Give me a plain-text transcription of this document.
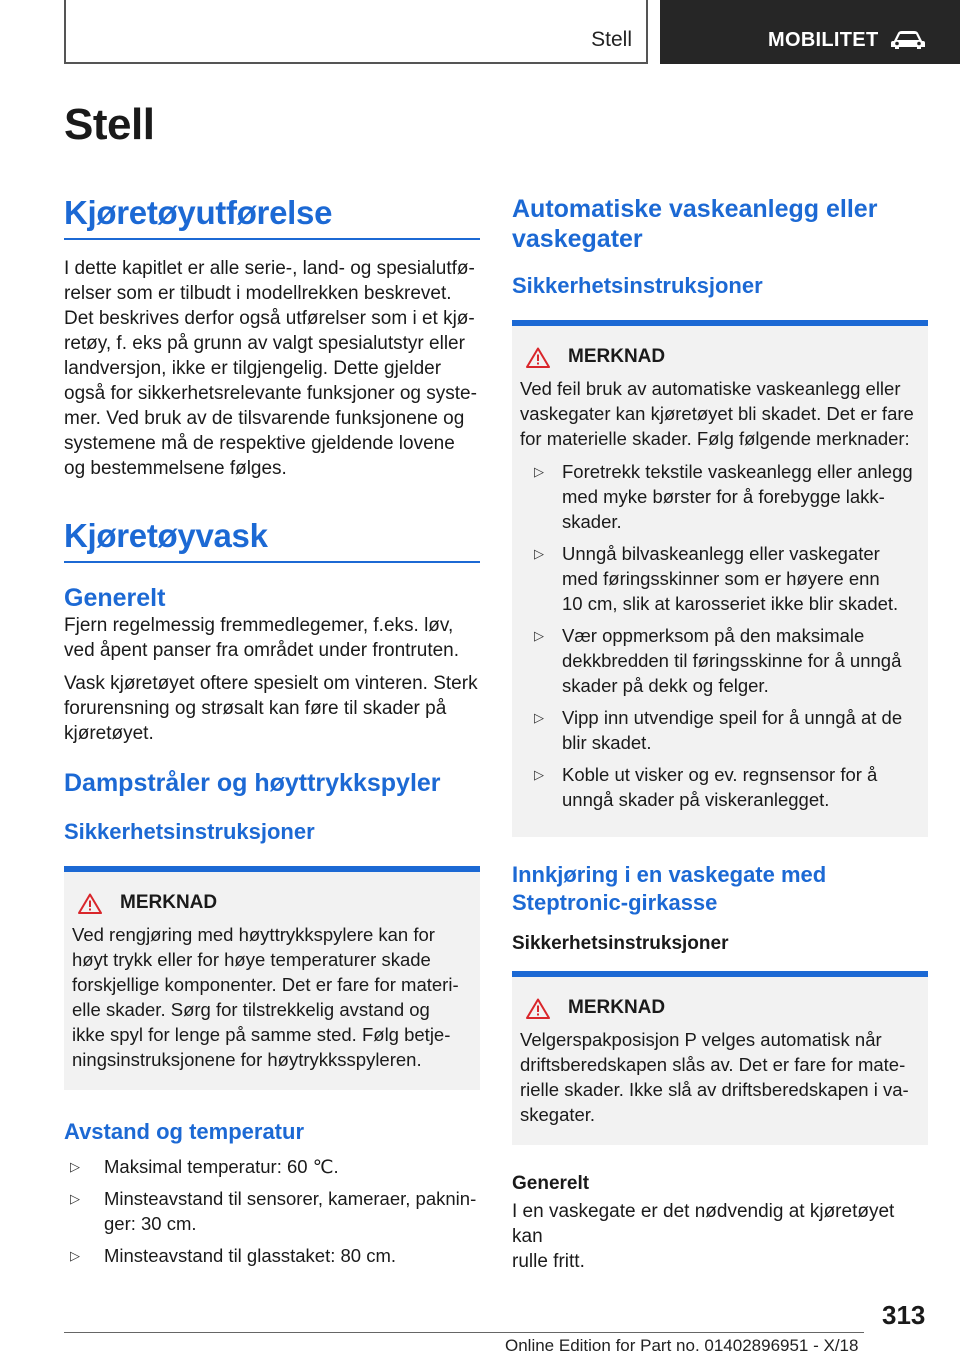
Stell	MOBILITET
Stell
Kjøretøyutførelse
I dette kapitlet er alle serie-, land- og spesialutfø-
relser som er tilbudt i modellrekken beskrevet.
Det beskrives derfor også utførelser som i et kjø-
retøy, f. eks på grunn av valgt spesialutstyr eller
landversjon, ikke er tilgjengelig. Dette gjelder
også for sikkerhetsrelevante funksjoner og syste-
mer. Ved bruk av de tilsvarende funksjonene og
systemene må de respektive gjeldende lovene
og bestemmelsene følges.
Kjøretøyvask
Generelt
Fjern regelmessig fremmedlegemer, f.eks. løv,
ved åpent panser fra området under frontruten.
Vask kjøretøyet oftere spesielt om vinteren. Sterk
forurensning og strøsalt kan føre til skader på
kjøretøyet.
Dampstråler og høyttrykkspyler
Sikkerhetsinstruksjoner
MERKNAD
Ved rengjøring med høyttrykkspylere kan for
høyt trykk eller for høye temperaturer skade
forskjellige komponenter. Det er fare for materi-
elle skader. Sørg for tilstrekkelig avstand og
ikke spyl for lenge på samme sted. Følg betje-
ningsinstruksjonene for høytrykksspyleren.
Avstand og temperatur
▷	Maksimal temperatur: 60 ℃.
▷	Minsteavstand til sensorer, kameraer, paknin-
ger: 30 cm.
▷	Minsteavstand til glasstaket: 80 cm.
Automatiske vaskeanlegg eller
vaskegater
Sikkerhetsinstruksjoner
MERKNAD
Ved feil bruk av automatiske vaskeanlegg eller
vaskegater kan kjøretøyet bli skadet. Det er fare
for materielle skader. Følg følgende merknader:
▷ Foretrekk tekstile vaskeanlegg eller anlegg
med myke børster for å forebygge lakk-
skader.
▷ Unngå bilvaskeanlegg eller vaskegater
med føringsskinner som er høyere enn
10 cm, slik at karosseriet ikke blir skadet.
▷ Vær oppmerksom på den maksimale
dekkbredden til føringsskinne for å unngå
skader på dekk og felger.
▷ Vipp inn utvendige speil for å unngå at de
blir skadet.
▷ Koble ut visker og ev. regnsensor for å
unngå skader på viskeranlegget.
Innkjøring i en vaskegate med
Steptronic-girkasse
Sikkerhetsinstruksjoner
MERKNAD
Velgerspakposisjon P velges automatisk når
driftsberedskapen slås av. Det er fare for mate-
rielle skader. Ikke slå av driftsberedskapen i va-
skegater.
Generelt
I en vaskegate er det nødvendig at kjøretøyet kan
rulle fritt.
313
Online Edition for Part no. 01402896951 - X/18
